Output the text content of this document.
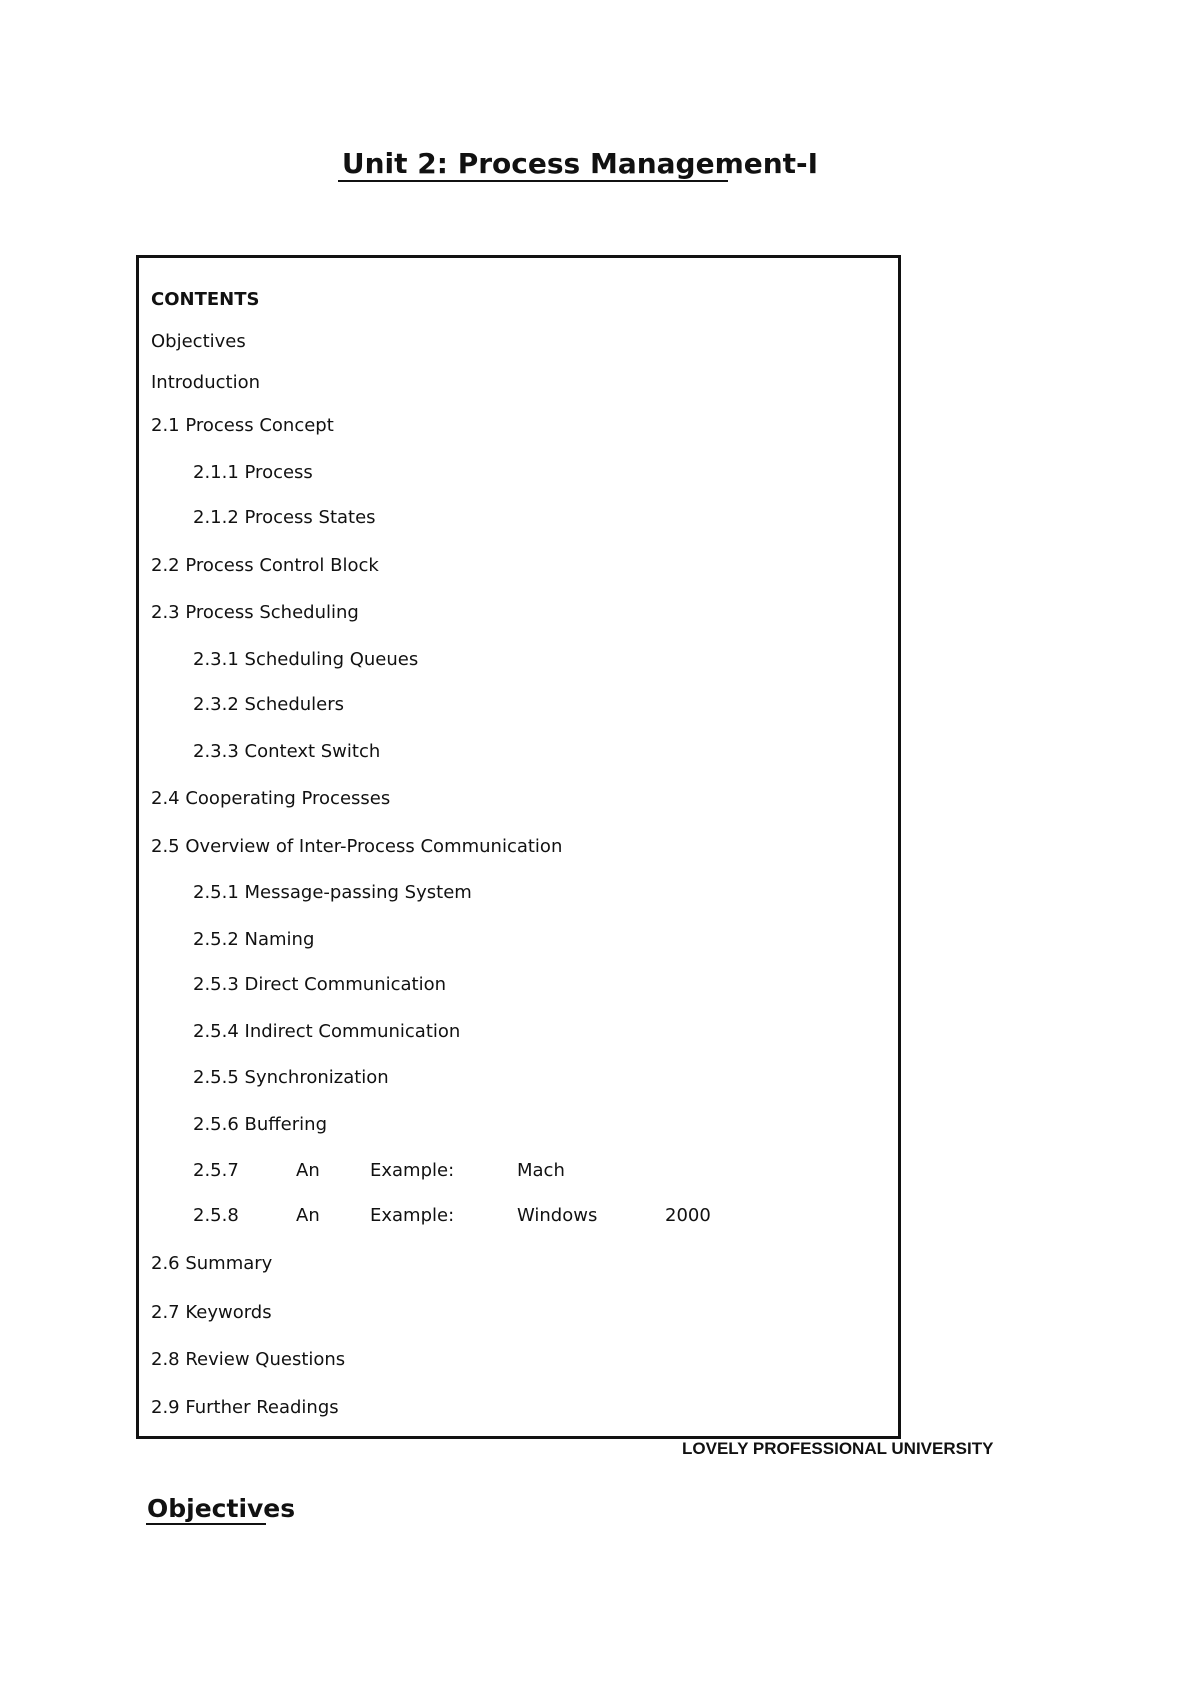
Unit 2: Process Management-I
CONTENTS
Objectives
Introduction
2.1 Process Concept
2.1.1 Process
2.1.2 Process States
2.2 Process Control Block
2.3 Process Scheduling
2.3.1 Scheduling Queues
2.3.2 Schedulers
2.3.3 Context Switch
2.4 Cooperating Processes
2.5 Overview of Inter-Process Communication
2.5.1 Message-passing System
2.5.2 Naming
2.5.3 Direct Communication
2.5.4 Indirect Communication
2.5.5 Synchronization
2.5.6 Buffering
2.5.7	An	Example:	Mach
2.5.8	An	Example:	Windows	2000
2.6 Summary
2.7 Keywords
2.8 Review Questions
2.9 Further Readings
LOVELY PROFESSIONAL UNIVERSITY
Objectives
